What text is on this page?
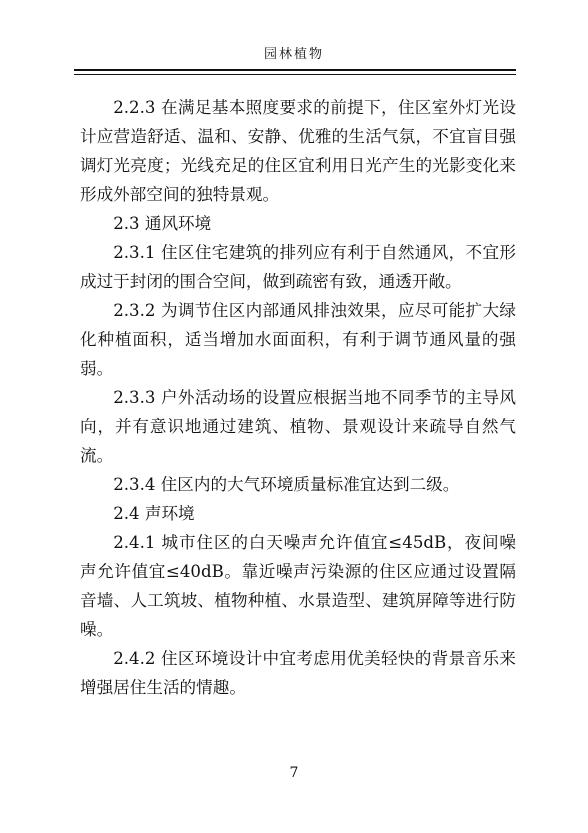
园林植物

2.2.3 在满足基本照度要求的前提下，住区室外灯光设计应营造舒适、温和、安静、优雅的生活气氛，不宜盲目强调灯光亮度；光线充足的住区宜利用日光产生的光影变化来形成外部空间的独特景观。

2.3 通风环境

2.3.1 住区住宅建筑的排列应有利于自然通风，不宜形成过于封闭的围合空间，做到疏密有致，通透开敞。

2.3.2 为调节住区内部通风排浊效果，应尽可能扩大绿化种植面积，适当增加水面面积，有利于调节通风量的强弱。

2.3.3 户外活动场的设置应根据当地不同季节的主导风向，并有意识地通过建筑、植物、景观设计来疏导自然气流。

2.3.4 住区内的大气环境质量标准宜达到二级。

2.4 声环境

2.4.1 城市住区的白天噪声允许值宜≤45dB，夜间噪声允许值宜≤40dB。靠近噪声污染源的住区应通过设置隔音墙、人工筑坡、植物种植、水景造型、建筑屏障等进行防噪。

2.4.2 住区环境设计中宜考虑用优美轻快的背景音乐来增强居住生活的情趣。

7
